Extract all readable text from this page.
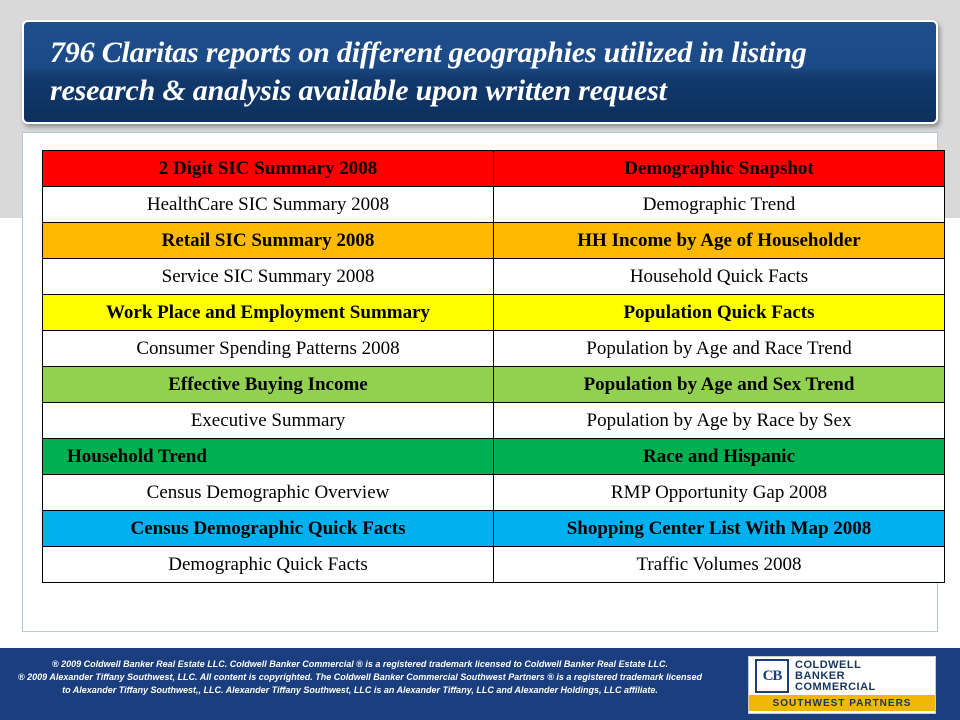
796 Claritas reports on different geographies utilized in listing research & analysis available upon written request
2 Digit SIC Summary 2008	Demographic Snapshot
HealthCare SIC Summary 2008	Demographic Trend
Retail SIC Summary 2008	HH Income by Age of Householder
Service SIC Summary 2008	Household Quick Facts
Work Place and Employment Summary	Population Quick Facts
Consumer Spending Patterns 2008	Population by Age and Race Trend
Effective Buying Income	Population by Age and Sex Trend
Executive Summary	Population by Age by Race by Sex
Household Trend	Race and Hispanic
Census Demographic Overview	RMP Opportunity Gap 2008
Census Demographic Quick Facts	Shopping Center List With Map 2008
Demographic Quick Facts	Traffic Volumes 2008
® 2009 Coldwell Banker Real Estate LLC. Coldwell Banker Commercial ® is a registered trademark licensed to Coldwell Banker Real Estate LLC.
® 2009 Alexander Tiffany Southwest, LLC. All content is copyrighted. The Coldwell Banker Commercial Southwest Partners ® is a registered trademark licensed
to Alexander Tiffany Southwest,, LLC. Alexander Tiffany Southwest, LLC is an Alexander Tiffany, LLC and Alexander Holdings, LLC affiliate.
CB
COLDWELL
BANKER
COMMERCIAL
SOUTHWEST PARTNERS
